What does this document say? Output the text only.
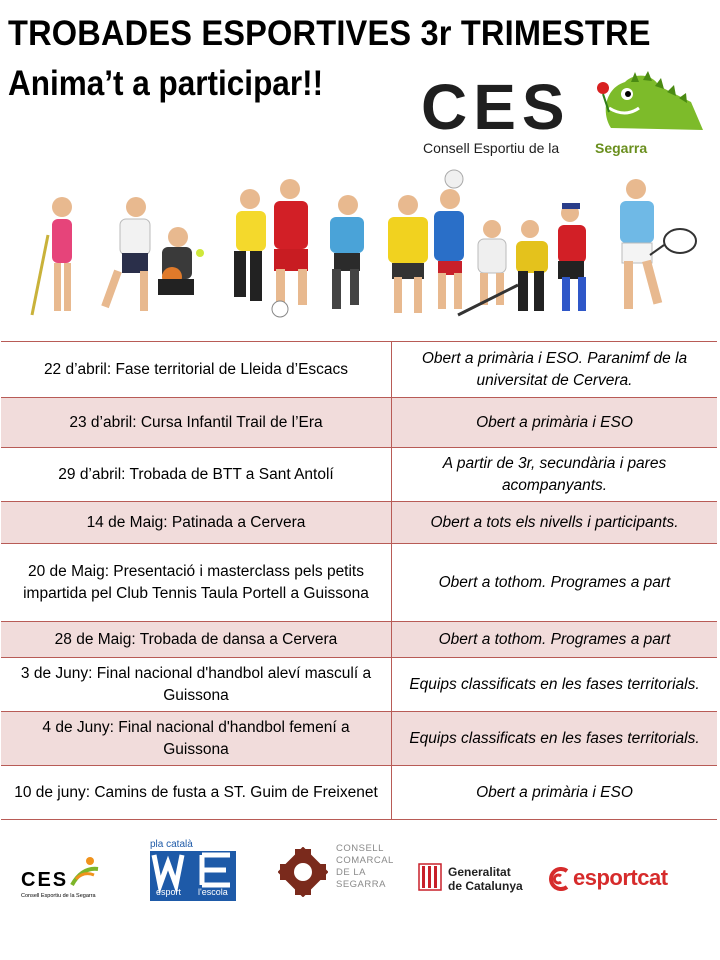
TROBADES ESPORTIVES 3r TRIMESTRE
Anima’t a participar!! CES
Consell Esportiu de la	Segarra
22 d’abril: Fase territorial de Lleida d’Escacs	Obert a primària i ESO. Paranimf de la universitat de Cervera.
23 d’abril: Cursa Infantil Trail de l’Era	Obert a primària i ESO
29 d’abril: Trobada de BTT a Sant Antolí	A partir de 3r, secundària i pares acompanyants.
14 de Maig: Patinada a Cervera	Obert a tots els nivells i participants.
20 de Maig: Presentació i masterclass pels petits impartida pel Club Tennis Taula Portell a Guissona	Obert a tothom. Programes a part
28 de Maig: Trobada de dansa a Cervera	Obert a tothom. Programes a part
3 de Juny: Final nacional d'handbol aleví masculí a Guissona	Equips classificats en les fases territorials.
4 de Juny: Final nacional d'handbol femení a Guissona	Equips classificats en les fases territorials.
10 de juny: Camins de fusta a ST. Guim de Freixenet	Obert a primària i ESO
CES
Consell Esportiu de la Segarra
pla català
esport l'escola
CONSELL
COMARCAL
DE LA
SEGARRA
Generalitat
de Catalunya esportcat
